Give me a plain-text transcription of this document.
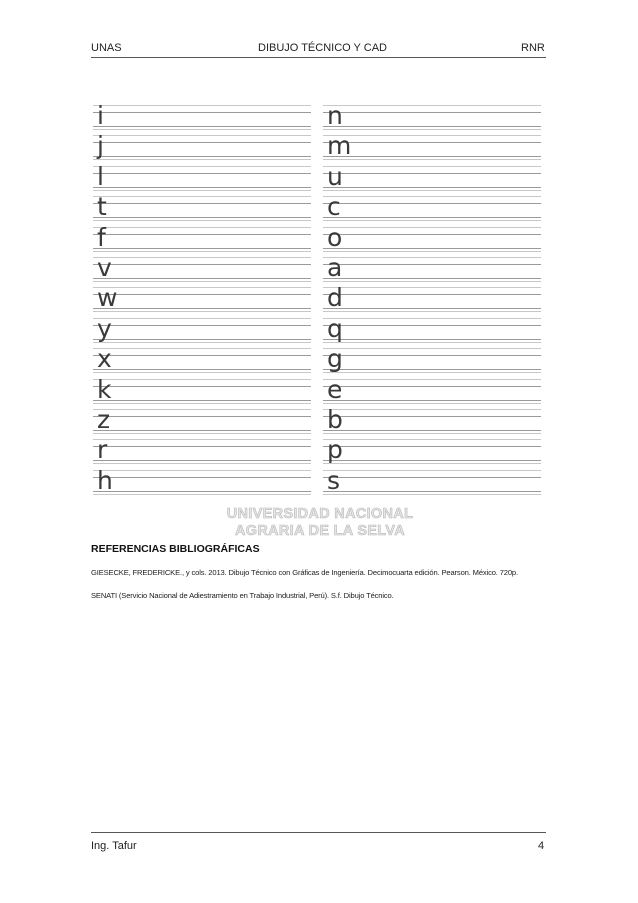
UNAS	DIBUJO TÉCNICO Y CAD	RNR
i
j
l
t
f
v
w
y
x
k
z
r
h
n
m
u
c
o
a
d
q
g
e
b
p
s
UNIVERSIDAD NACIONAL
AGRARIA DE LA SELVA
REFERENCIAS BIBLIOGRÁFICAS
GIESECKE, FREDERICKE., y cols. 2013. Dibujo Técnico con Gráficas de Ingeniería. Decimocuarta edición. Pearson. México. 720p.
SENATI (Servicio Nacional de Adiestramiento en Trabajo Industrial, Perú). S.f. Dibujo Técnico.
Ing. Tafur	4
